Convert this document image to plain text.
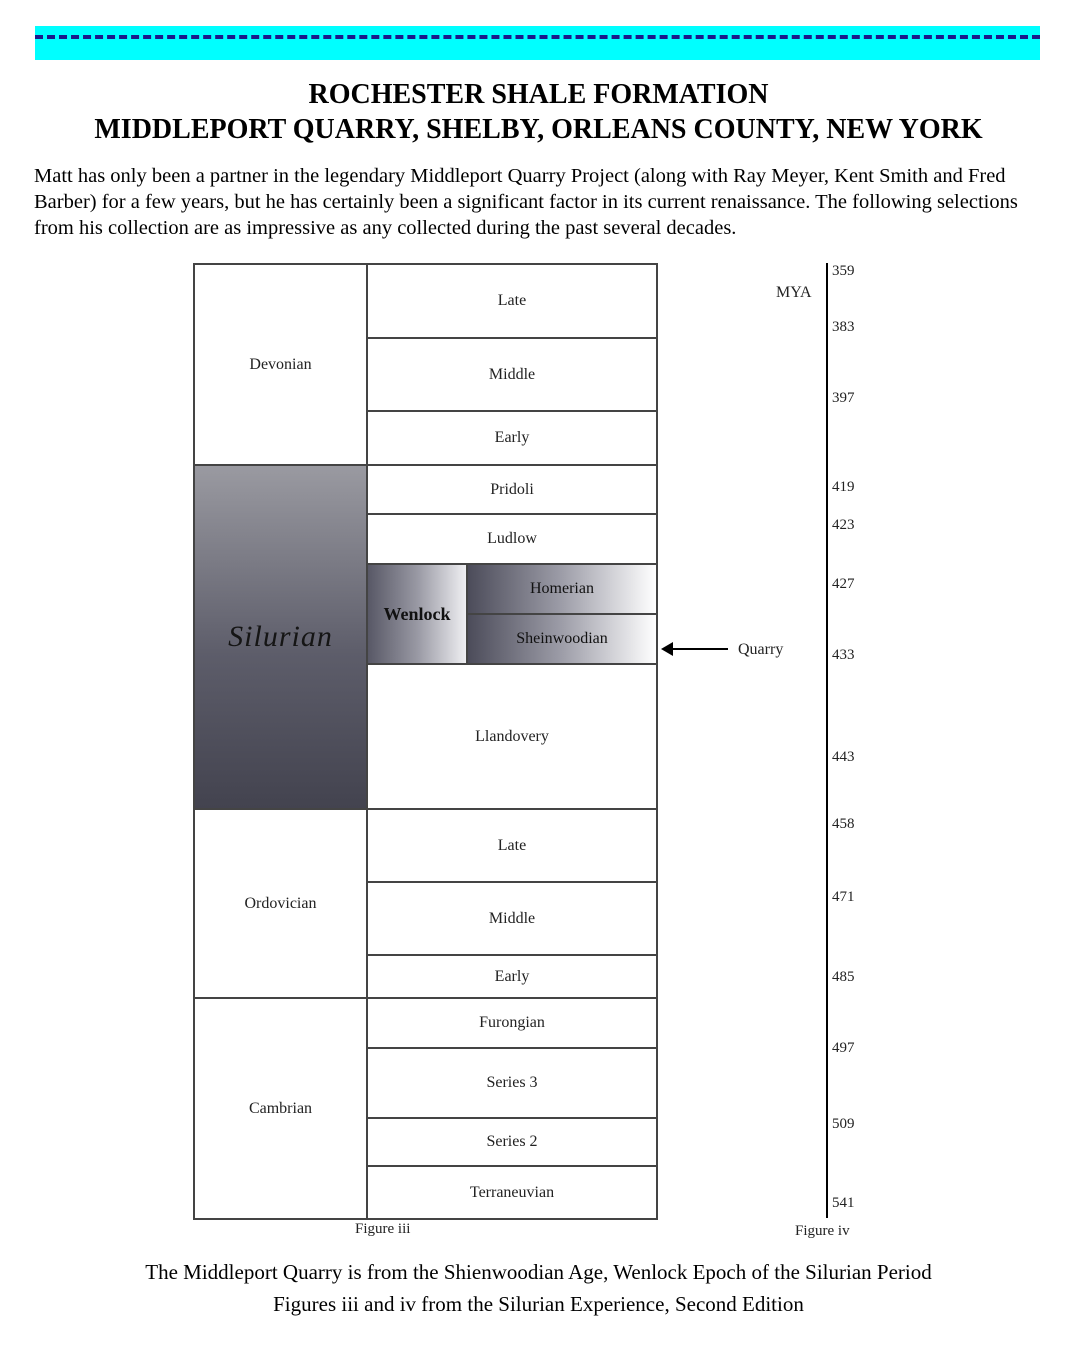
ROCHESTER SHALE FORMATION
MIDDLEPORT QUARRY, SHELBY, ORLEANS COUNTY, NEW YORK
Matt has only been a partner in the legendary Middleport Quarry Project (along with Ray Meyer, Kent Smith and Fred Barber) for a few years, but he has certainly been a significant factor in its current renaissance. The following selections from his collection are as impressive as any collected during the past several decades.
Devonian
Silurian
Ordovician
Cambrian
Late
Middle
Early
Pridoli
Ludlow
Wenlock
Homerian
Sheinwoodian
Llandovery
Late
Middle
Early
Furongian
Series 3
Series 2
Terraneuvian
Quarry
MYA
359
383
397
419
423
427
433
443
458
471
485
497
509
541
Figure iii	Figure iv
The Middleport Quarry is from the Shienwoodian Age, Wenlock Epoch of the Silurian Period
Figures iii and iv from the Silurian Experience, Second Edition
